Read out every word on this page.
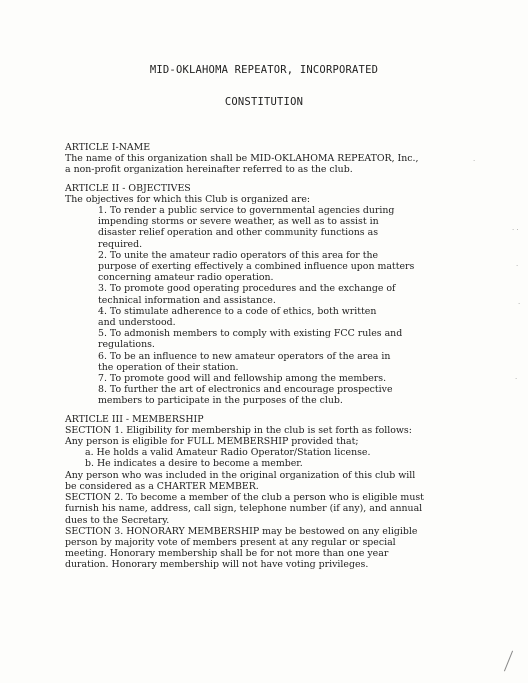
MID-OKLAHOMA REPEATOR, INCORPORATED
CONSTITUTION

ARTICLE I-NAME

The name of this organization shall be MID-OKLAHOMA REPEATOR, Inc.,

a non-profit organization hereinafter referred to as the club.

ARTICLE II - OBJECTIVES

The objectives for which this Club is organized are:

1. To render a public service to governmental agencies during

impending storms or severe weather, as well as to assist in

disaster relief operation and other community functions as

required.

2. To unite the amateur radio operators of this area for the

purpose of exerting effectively a combined influence upon matters

concerning amateur radio operation.

3. To promote good operating procedures and the exchange of

technical information and assistance.

4. To stimulate adherence to a code of ethics, both written

and understood.

5. To admonish members to comply with existing FCC rules and

regulations.

6. To be an influence to new amateur operators of the area in

the operation of their station.

7. To promote good will and fellowship among the members.

8. To further the art of electronics and encourage prospective

members to participate in the purposes of the club.

ARTICLE III - MEMBERSHIP

SECTION 1. Eligibility for membership in the club is set forth as follows:

Any person is eligible for FULL MEMBERSHIP provided that;

a. He holds a valid Amateur Radio Operator/Station license.

b. He indicates a desire to become a member.

Any person who was included in the original organization of this club will

be considered as a CHARTER MEMBER.

SECTION 2. To become a member of the club a person who is eligible must

furnish his name, address, call sign, telephone number (if any), and annual

dues to the Secretary.

SECTION 3. HONORARY MEMBERSHIP may be bestowed on any eligible

person by majority vote of members present at any regular or special

meeting. Honorary membership shall be for not more than one year

duration. Honorary membership will not have voting privileges.

· ·
·
·
·
·
